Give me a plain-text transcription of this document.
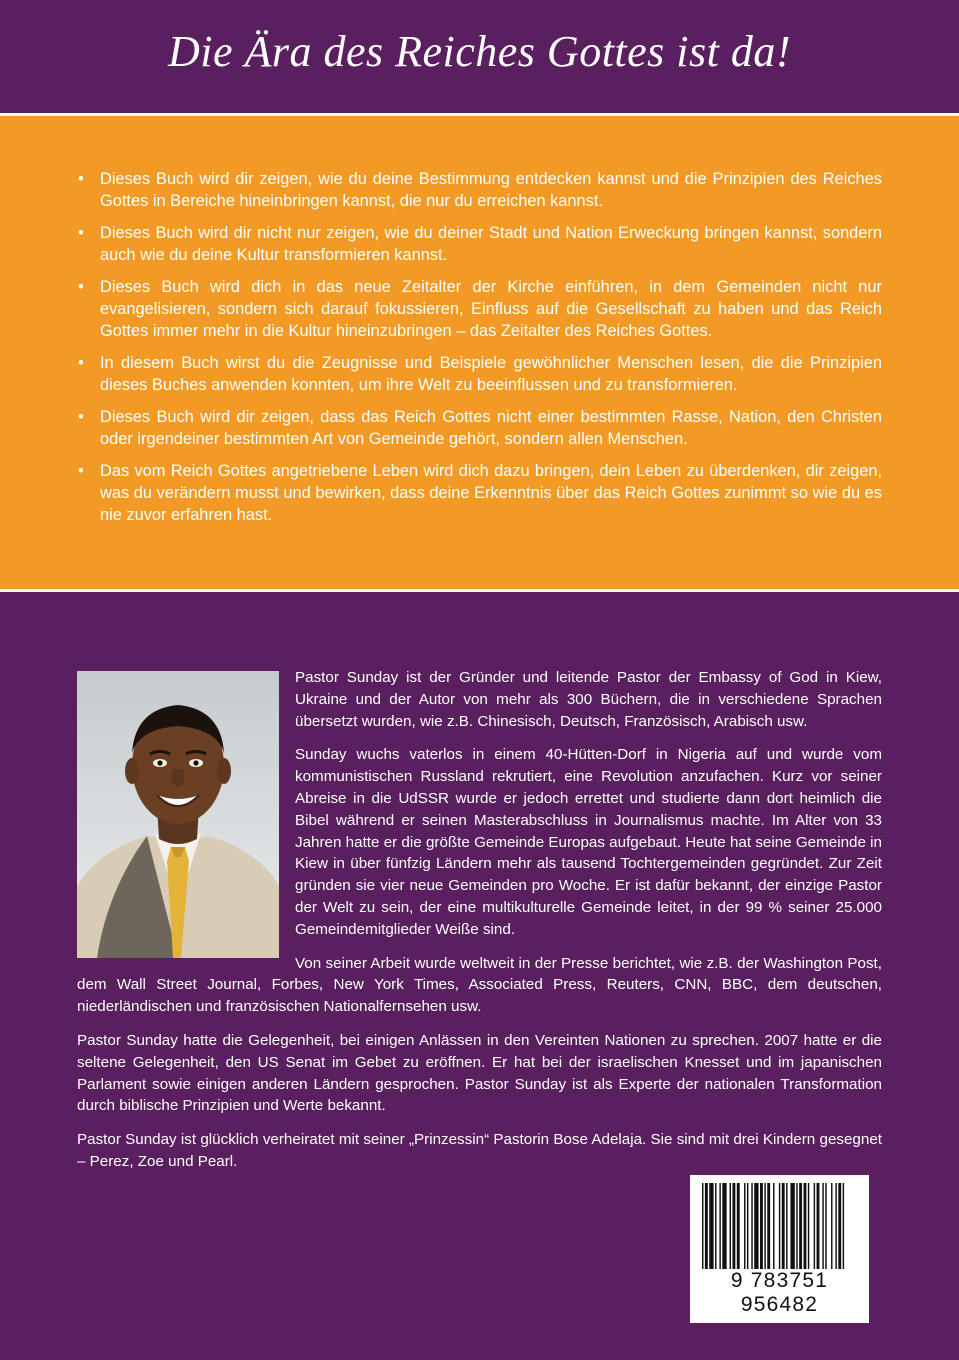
Die Ära des Reiches Gottes ist da!
• Dieses Buch wird dir zeigen, wie du deine Bestimmung entdecken kannst und die Prinzipien des Reiches Gottes in Bereiche hineinbringen kannst, die nur du erreichen kannst.
• Dieses Buch wird dir nicht nur zeigen, wie du deiner Stadt und Nation Erweckung bringen kannst, sondern auch wie du deine Kultur transformieren kannst.
• Dieses Buch wird dich in das neue Zeitalter der Kirche einführen, in dem Gemeinden nicht nur evangelisieren, sondern sich darauf fokussieren, Einfluss auf die Gesellschaft zu haben und das Reich Gottes immer mehr in die Kultur hineinzubringen – das Zeitalter des Reiches Gottes.
• In diesem Buch wirst du die Zeugnisse und Beispiele gewöhnlicher Menschen lesen, die die Prinzipien dieses Buches anwenden konnten, um ihre Welt zu beeinflussen und zu transformieren.
• Dieses Buch wird dir zeigen, dass das Reich Gottes nicht einer bestimmten Rasse, Nation, den Christen oder irgendeiner bestimmten Art von Gemeinde gehört, sondern allen Menschen.
• Das vom Reich Gottes angetriebene Leben wird dich dazu bringen, dein Leben zu überdenken, dir zeigen, was du verändern musst und bewirken, dass deine Erkenntnis über das Reich Gottes zunimmt so wie du es nie zuvor erfahren hast.

Pastor Sunday ist der Gründer und leitende Pastor der Embassy of God in Kiew, Ukraine und der Autor von mehr als 300 Büchern, die in verschiedene Sprachen übersetzt wurden, wie z.B. Chinesisch, Deutsch, Französisch, Arabisch usw.

Sunday wuchs vaterlos in einem 40-Hütten-Dorf in Nigeria auf und wurde vom kommunistischen Russland rekrutiert, eine Revolution anzufachen. Kurz vor seiner Abreise in die UdSSR wurde er jedoch errettet und studierte dann dort heimlich die Bibel während er seinen Masterabschluss in Journalismus machte. Im Alter von 33 Jahren hatte er die größte Gemeinde Europas aufgebaut. Heute hat seine Gemeinde in Kiew in über fünfzig Ländern mehr als tausend Tochtergemeinden gegründet. Zur Zeit gründen sie vier neue Gemeinden pro Woche. Er ist dafür bekannt, der einzige Pastor der Welt zu sein, der eine multikulturelle Gemeinde leitet, in der 99 % seiner 25.000 Gemeindemitglieder Weiße sind.

Von seiner Arbeit wurde weltweit in der Presse berichtet, wie z.B. der Washington Post, dem Wall Street Journal, Forbes, New York Times, Associated Press, Reuters, CNN, BBC, dem deutschen, niederländischen und französischen Nationalfernsehen usw.

Pastor Sunday hatte die Gelegenheit, bei einigen Anlässen in den Vereinten Nationen zu sprechen. 2007 hatte er die seltene Gelegenheit, den US Senat im Gebet zu eröffnen. Er hat bei der israelischen Knesset und im japanischen Parlament sowie einigen anderen Ländern gesprochen. Pastor Sunday ist als Experte der nationalen Transformation durch biblische Prinzipien und Werte bekannt.

Pastor Sunday ist glücklich verheiratet mit seiner „Prinzessin“ Pastorin Bose Adelaja. Sie sind mit drei Kindern gesegnet – Perez, Zoe und Pearl.

9 783751 956482
